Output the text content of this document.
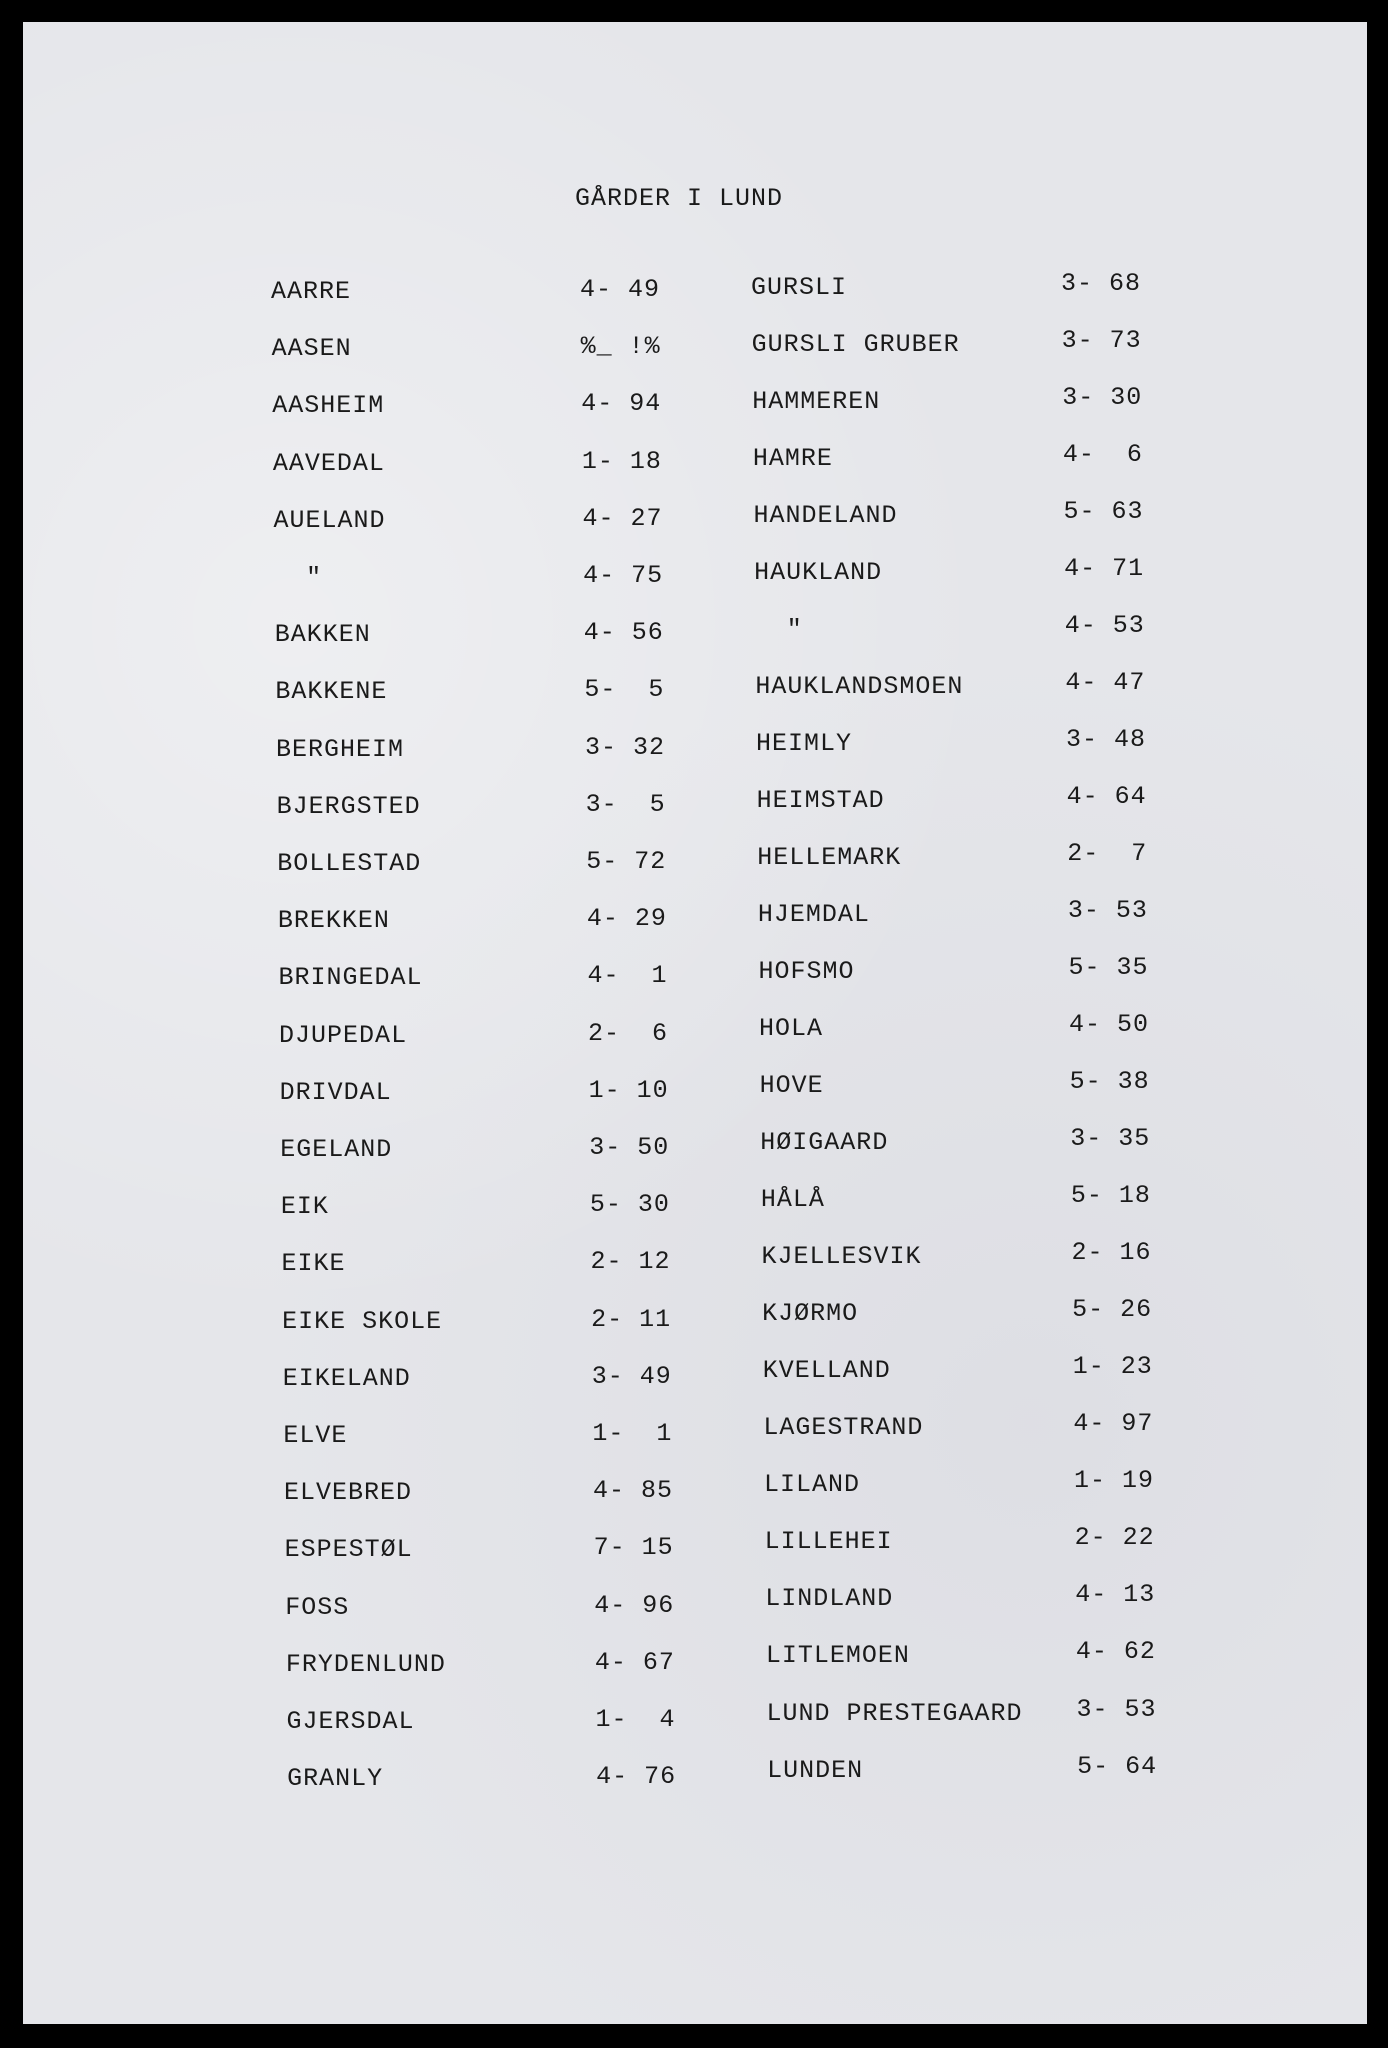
GÅRDER I LUND
AARRE	4- 49	GURSLI	3- 68
AASEN	%_ !%	GURSLI GRUBER	3- 73
AASHEIM	4- 94	HAMMEREN	3- 30
AAVEDAL	1- 18	HAMRE	4-  6
AUELAND	4- 27	HANDELAND	5- 63
"	4- 75	HAUKLAND	4- 71
BAKKEN	4- 56	"	4- 53
BAKKENE	5-  5	HAUKLANDSMOEN	4- 47
BERGHEIM	3- 32	HEIMLY	3- 48
BJERGSTED	3-  5	HEIMSTAD	4- 64
BOLLESTAD	5- 72	HELLEMARK	2-  7
BREKKEN	4- 29	HJEMDAL	3- 53
BRINGEDAL	4-  1	HOFSMO	5- 35
DJUPEDAL	2-  6	HOLA	4- 50
DRIVDAL	1- 10	HOVE	5- 38
EGELAND	3- 50	HØIGAARD	3- 35
EIK	5- 30	HÅLÅ	5- 18
EIKE	2- 12	KJELLESVIK	2- 16
EIKE SKOLE	2- 11	KJØRMO	5- 26
EIKELAND	3- 49	KVELLAND	1- 23
ELVE	1-  1	LAGESTRAND	4- 97
ELVEBRED	4- 85	LILAND	1- 19
ESPESTØL	7- 15	LILLEHEI	2- 22
FOSS	4- 96	LINDLAND	4- 13
FRYDENLUND	4- 67	LITLEMOEN	4- 62
GJERSDAL	1-  4	LUND PRESTEGAARD 3- 53
GRANLY	4- 76	LUNDEN	5- 64
